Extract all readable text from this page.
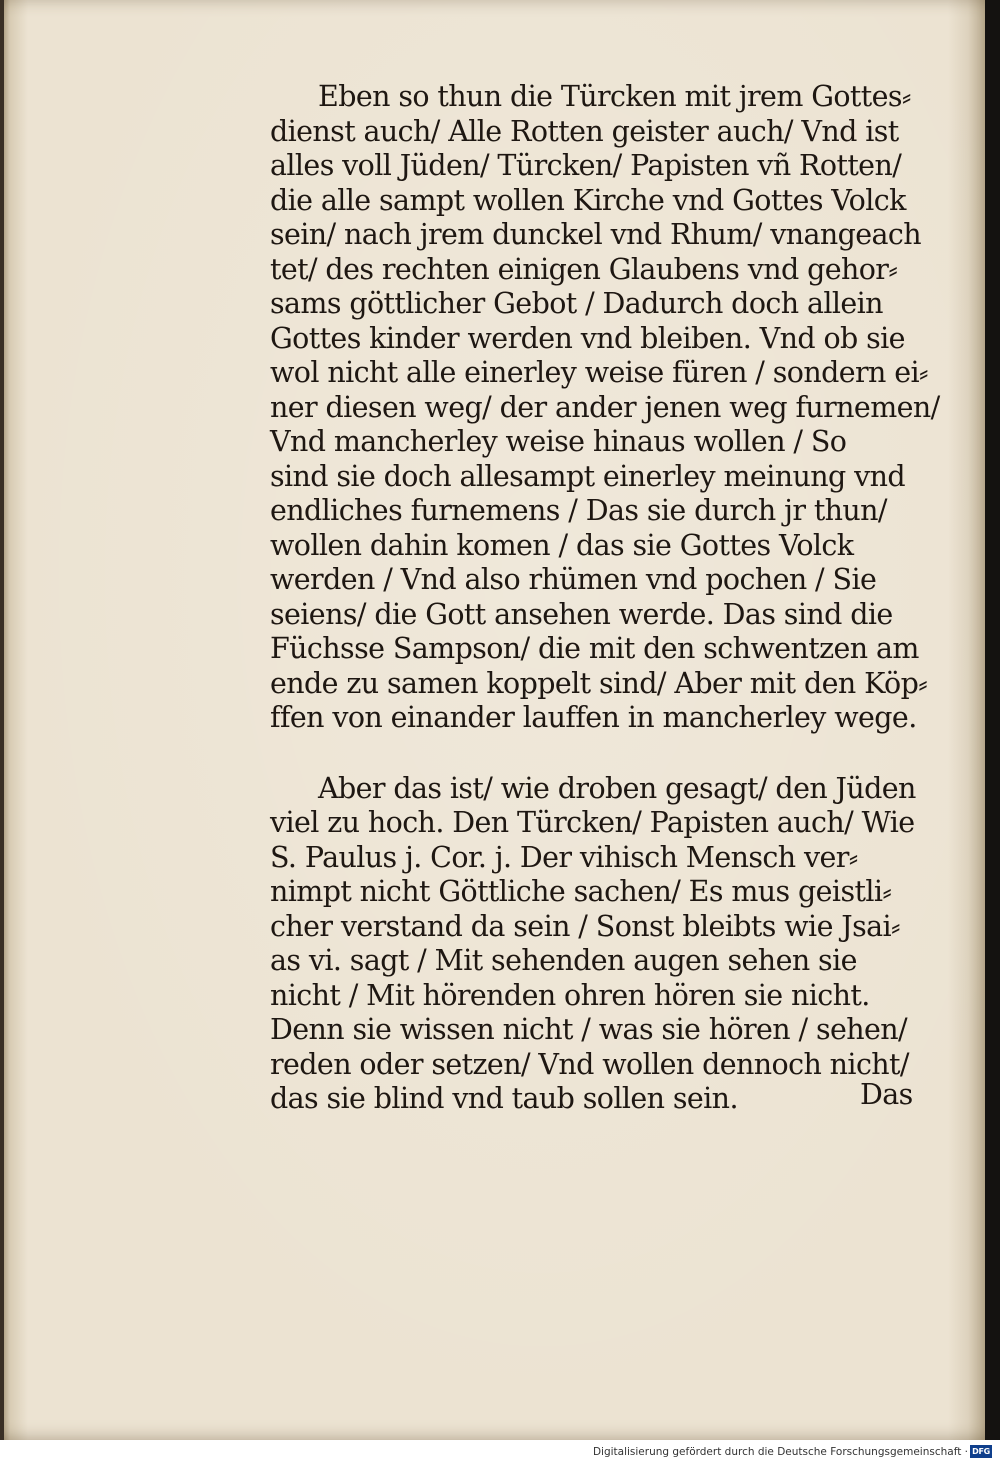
Eben so thun die Türcken mit jrem Gottes⸗
dienst auch/ Alle Rotten geister auch/ Vnd ist
alles voll Jüden/ Türcken/ Papisten vñ Rotten/
die alle sampt wollen Kirche vnd Gottes Volck
sein/ nach jrem dunckel vnd Rhum/ vnangeach
tet/ des rechten einigen Glaubens vnd gehor⸗
sams göttlicher Gebot / Dadurch doch allein
Gottes kinder werden vnd bleiben. Vnd ob sie
wol nicht alle einerley weise füren / sondern ei⸗
ner diesen weg/ der ander jenen weg furnemen/
Vnd mancherley weise hinaus wollen / So
sind sie doch allesampt einerley meinung vnd
endliches furnemens / Das sie durch jr thun/
wollen dahin komen / das sie Gottes Volck
werden / Vnd also rhümen vnd pochen / Sie
seiens/ die Gott ansehen werde. Das sind die
Füchsse Sampson/ die mit den schwentzen am
ende zu samen koppelt sind/ Aber mit den Köp⸗
ffen von einander lauffen in mancherley wege.
Aber das ist/ wie droben gesagt/ den Jüden
viel zu hoch. Den Türcken/ Papisten auch/ Wie
S. Paulus j. Cor. j. Der vihisch Mensch ver⸗
nimpt nicht Göttliche sachen/ Es mus geistli⸗
cher verstand da sein / Sonst bleibts wie Jsai⸗
as vi. sagt / Mit sehenden augen sehen sie
nicht / Mit hörenden ohren hören sie nicht.
Denn sie wissen nicht / was sie hören / sehen/
reden oder setzen/ Vnd wollen dennoch nicht/
das sie blind vnd taub sollen sein.	Das
Digitalisierung gefördert durch die Deutsche Forschungsgemeinschaft · DFG
